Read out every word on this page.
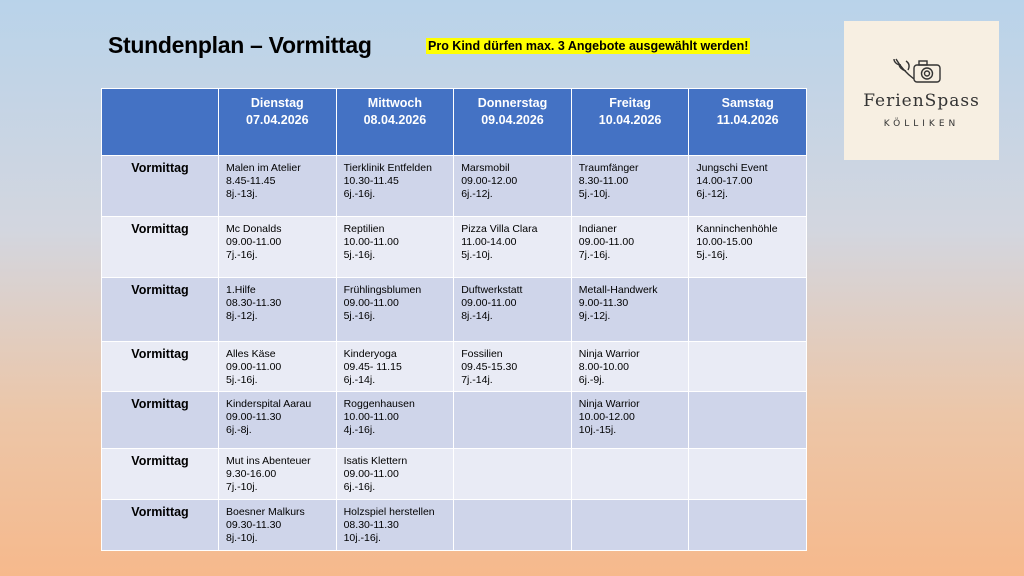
Stundenplan – Vormittag	Pro Kind dürfen max. 3 Angebote ausgewählt werden!
FerienSpass
KÖLLIKEN

	Dienstag
07.04.2026	Mittwoch
08.04.2026	Donnerstag
09.04.2026	Freitag
10.04.2026	Samstag
11.04.2026

Vormittag	Malen im Atelier
8.45-11.45
8j.-13j.	Tierklinik Entfelden
10.30-11.45
6j.-16j.	Marsmobil
09.00-12.00
6j.-12j.	Traumfänger
8.30-11.00
5j.-10j.	Jungschi Event
14.00-17.00
6j.-12j.

Vormittag	Mc Donalds
09.00-11.00
7j.-16j.	Reptilien
10.00-11.00
5j.-16j.	Pizza Villa Clara
11.00-14.00
5j.-10j.	Indianer
09.00-11.00
7j.-16j.	Kanninchenhöhle
10.00-15.00
5j.-16j.

Vormittag	1.Hilfe
08.30-11.30
8j.-12j.	Frühlingsblumen
09.00-11.00
5j.-16j.	Duftwerkstatt
09.00-11.00
8j.-14j.	Metall-Handwerk
9.00-11.30
9j.-12j.	

Vormittag	Alles Käse
09.00-11.00
5j.-16j.	Kinderyoga
09.45- 11.15
6j.-14j.	Fossilien
09.45-15.30
7j.-14j.	Ninja Warrior
8.00-10.00
6j.-9j.	

Vormittag	Kinderspital Aarau
09.00-11.30
6j.-8j.	Roggenhausen
10.00-11.00
4j.-16j.		Ninja Warrior
10.00-12.00
10j.-15j.	

Vormittag	Mut ins Abenteuer
9.30-16.00
7j.-10j.	Isatis Klettern
09.00-11.00
6j.-16j.			

Vormittag	Boesner Malkurs
09.30-11.30
8j.-10j.	Holzspiel herstellen
08.30-11.30
10j.-16j.			
